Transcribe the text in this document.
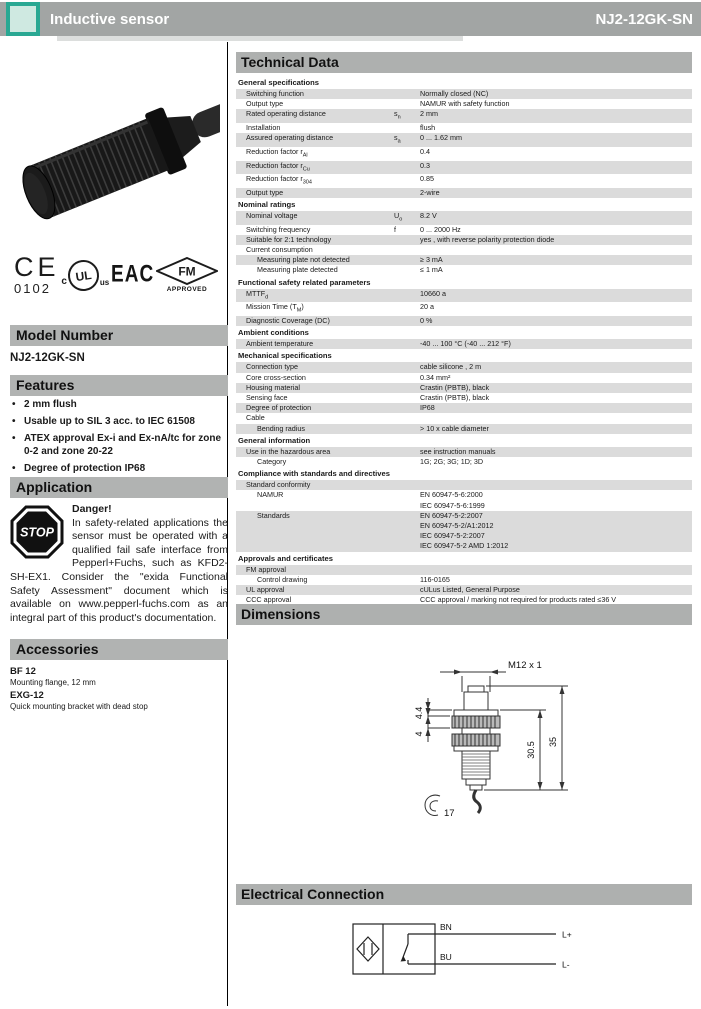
Inductive sensor	NJ2-12GK-SN
CE
0102 c UL us EAC FM
APPROVED
Model Number
NJ2-12GK-SN
Features
• 2 mm flush
• Usable up to SIL 3 acc. to IEC 61508
• ATEX approval Ex-i and Ex-nA/tc for zone 0-2 and zone 20-22
• Degree of protection IP68
Application
STOP
Danger!
In safety-related applications the sensor must be operated with a qualified fail safe interface from Pepperl+Fuchs, such as KFD2-SH-EX1. Consider the "exida Functional Safety Assessment" document which is available on www.pepperl-fuchs.com as an integral part of this product's documentation.
Accessories
BF 12
Mounting flange, 12 mm
EXG-12
Quick mounting bracket with dead stop
Technical Data
General specifications
Switching function	Normally closed (NC)
Output type	NAMUR with safety function
Rated operating distance	$s_n$	2 mm
Installation	flush
Assured operating distance	$s_a$	0 ... 1.62 mm
Reduction factor $r_{Al}$	0.4
Reduction factor $r_{Cu}$	0.3
Reduction factor $r_{304}$	0.85
Output type	2-wire
Nominal ratings
Nominal voltage	$U_o$	8.2 V
Switching frequency	f	0 ... 2000 Hz
Suitable for 2:1 technology	yes , with reverse polarity protection diode
Current consumption
Measuring plate not detected	≥ 3 mA
Measuring plate detected	≤ 1 mA
Functional safety related parameters
$MTTF_d$	10660 a
Mission Time $(T_M)$	20 a
Diagnostic Coverage (DC)	0 %
Ambient conditions
Ambient temperature	-40 ... 100 °C (-40 ... 212 °F)
Mechanical specifications
Connection type	cable silicone , 2 m
Core cross-section	0.34 mm²
Housing material	Crastin (PBTB), black
Sensing face	Crastin (PBTB), black
Degree of protection	IP68
Cable
Bending radius	> 10 x cable diameter
General information
Use in the hazardous area	see instruction manuals
Category	1G; 2G; 3G; 1D; 3D
Compliance with standards and directives
Standard conformity
NAMUR	EN 60947-5-6:2000
IEC 60947-5-6:1999
Standards	EN 60947-5-2:2007
EN 60947-5-2/A1:2012
IEC 60947-5-2:2007
IEC 60947-5-2 AMD 1:2012
Approvals and certificates
FM approval
Control drawing	116-0165
UL approval	cULus Listed, General Purpose
CCC approval	CCC approval / marking not required for products rated ≤36 V
Dimensions
M12 x 1
4.4
4
17
30.5 35
Electrical Connection
BN
L+
BU
L-
